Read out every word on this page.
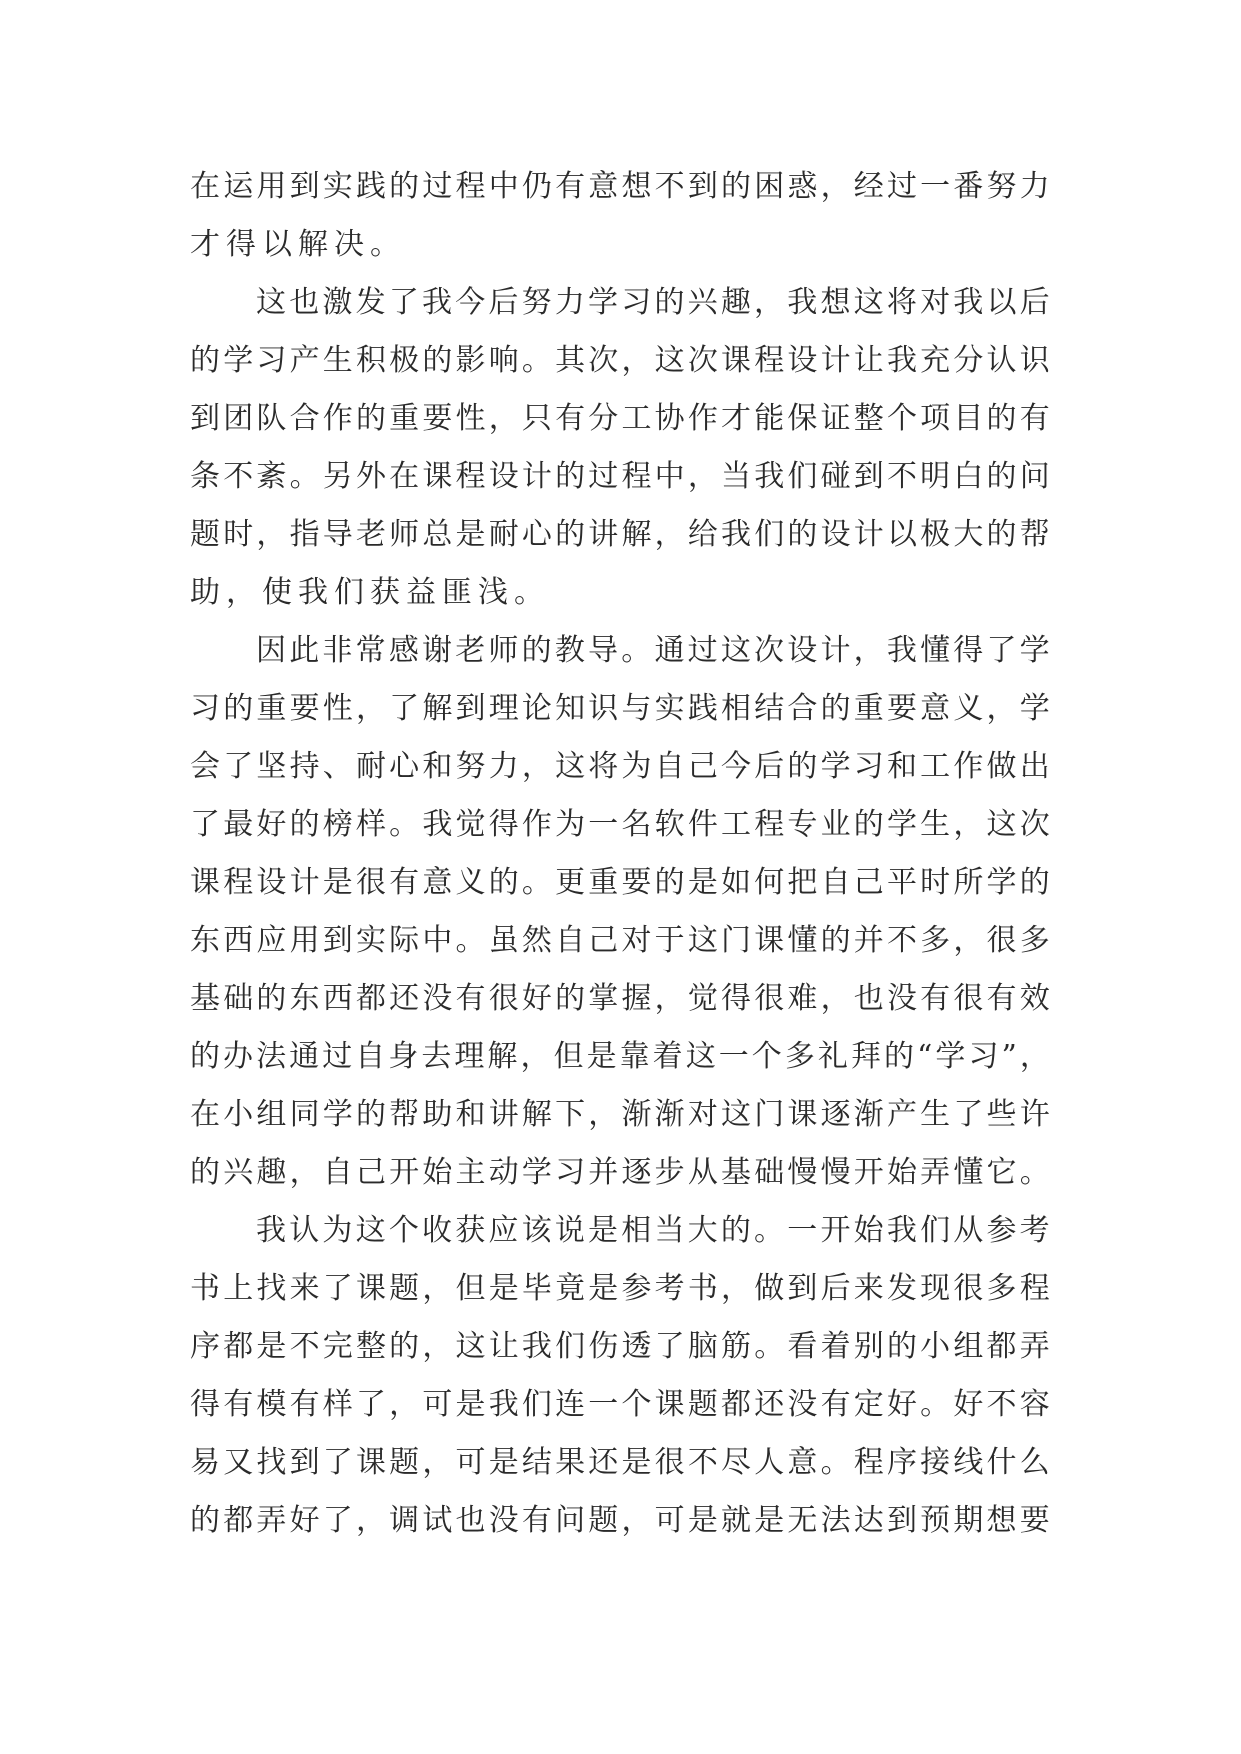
在 运 用 到 实 践 的 过 程 中 仍 有 意 想 不 到 的 困 惑 ， 经 过 一 番 努 力
才得以解决。
这 也 激 发 了 我 今 后 努 力 学 习 的 兴 趣 ， 我 想 这 将 对 我 以 后
的 学 习 产 生 积 极 的 影 响 。 其 次 ， 这 次 课 程 设 计 让 我 充 分 认 识
到 团 队 合 作 的 重 要 性 ， 只 有 分 工 协 作 才 能 保 证 整 个 项 目 的 有
条 不 紊 。 另 外 在 课 程 设 计 的 过 程 中 ， 当 我 们 碰 到 不 明 白 的 问
题 时 ， 指 导 老 师 总 是 耐 心 的 讲 解 ， 给 我 们 的 设 计 以 极 大 的 帮
助，使我们获益匪浅。
因 此 非 常 感 谢 老 师 的 教 导 。 通 过 这 次 设 计 ， 我 懂 得 了 学
习 的 重 要 性 ， 了 解 到 理 论 知 识 与 实 践 相 结 合 的 重 要 意 义 ， 学
会 了 坚 持 、 耐 心 和 努 力 ， 这 将 为 自 己 今 后 的 学 习 和 工 作 做 出
了 最 好 的 榜 样 。 我 觉 得 作 为 一 名 软 件 工 程 专 业 的 学 生 ， 这 次
课 程 设 计 是 很 有 意 义 的 。 更 重 要 的 是 如 何 把 自 己 平 时 所 学 的
东 西 应 用 到 实 际 中 。 虽 然 自 己 对 于 这 门 课 懂 的 并 不 多 ， 很 多
基 础 的 东 西 都 还 没 有 很 好 的 掌 握 ， 觉 得 很 难 ， 也 没 有 很 有 效
的 办 法 通 过 自 身 去 理 解 ， 但 是 靠 着 这 一 个 多 礼 拜 的 “ 学 习 ” ，
在 小 组 同 学 的 帮 助 和 讲 解 下 ， 渐 渐 对 这 门 课 逐 渐 产 生 了 些 许
的 兴 趣 ， 自 己 开 始 主 动 学 习 并 逐 步 从 基 础 慢 慢 开 始 弄 懂 它 。
我 认 为 这 个 收 获 应 该 说 是 相 当 大 的 。 一 开 始 我 们 从 参 考
书 上 找 来 了 课 题 ， 但 是 毕 竟 是 参 考 书 ， 做 到 后 来 发 现 很 多 程
序 都 是 不 完 整 的 ， 这 让 我 们 伤 透 了 脑 筋 。 看 着 别 的 小 组 都 弄
得 有 模 有 样 了 ， 可 是 我 们 连 一 个 课 题 都 还 没 有 定 好 。 好 不 容
易 又 找 到 了 课 题 ， 可 是 结 果 还 是 很 不 尽 人 意 。 程 序 接 线 什 么
的 都 弄 好 了 ， 调 试 也 没 有 问 题 ， 可 是 就 是 无 法 达 到 预 期 想 要
